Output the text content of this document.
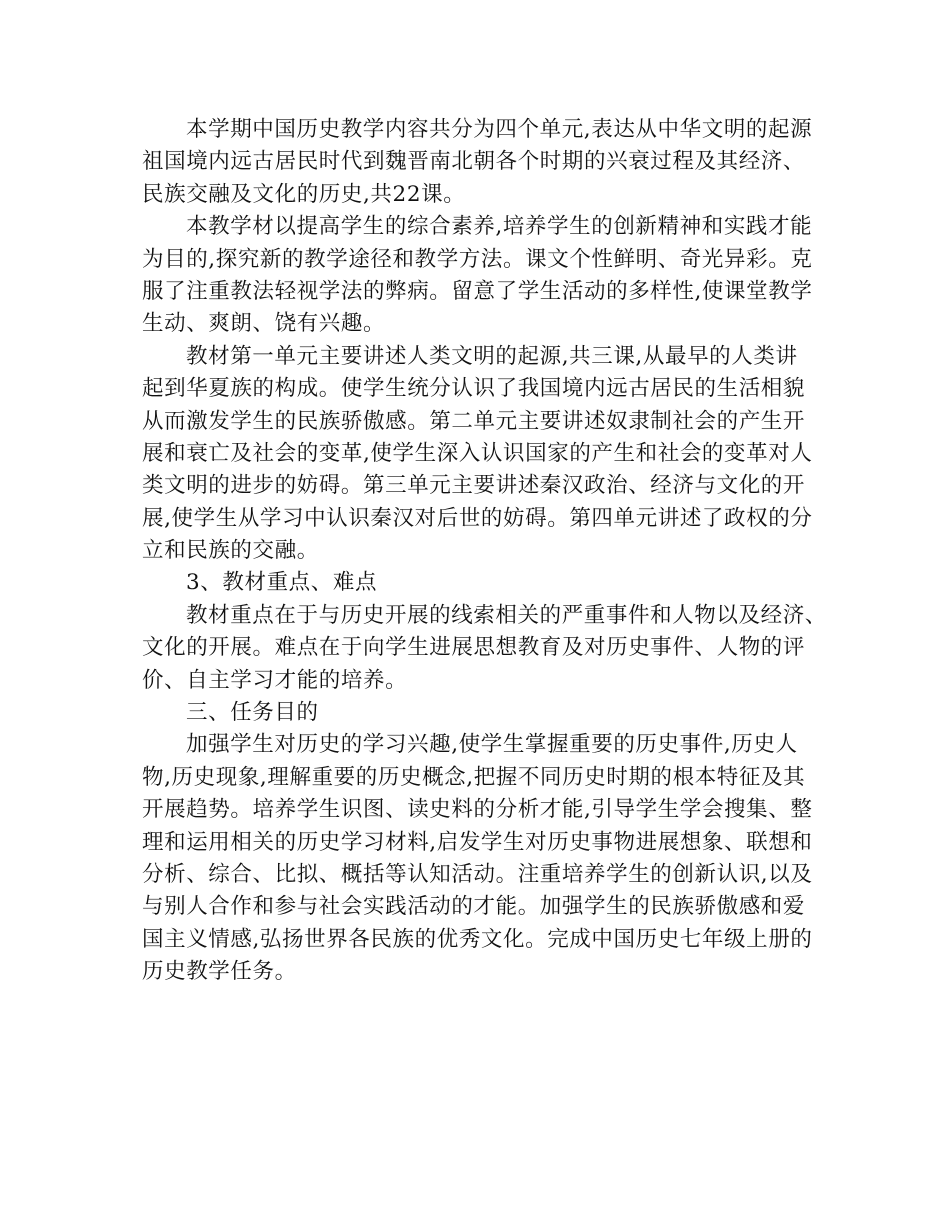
本学期中国历史教学内容共分为四个单元,表达从中华文明的起源
祖国境内远古居民时代到魏晋南北朝各个时期的兴衰过程及其经济、
民族交融及文化的历史,共22课。
本教学材以提高学生的综合素养,培养学生的创新精神和实践才能
为目的,探究新的教学途径和教学方法。课文个性鲜明、奇光异彩。克
服了注重教法轻视学法的弊病。留意了学生活动的多样性,使课堂教学
生动、爽朗、饶有兴趣。
教材第一单元主要讲述人类文明的起源,共三课,从最早的人类讲
起到华夏族的构成。使学生统分认识了我国境内远古居民的生活相貌
从而激发学生的民族骄傲感。第二单元主要讲述奴隶制社会的产生开
展和衰亡及社会的变革,使学生深入认识国家的产生和社会的变革对人
类文明的进步的妨碍。第三单元主要讲述秦汉政治、经济与文化的开
展,使学生从学习中认识秦汉对后世的妨碍。第四单元讲述了政权的分
立和民族的交融。
3、教材重点、难点
教材重点在于与历史开展的线索相关的严重事件和人物以及经济、
文化的开展。难点在于向学生进展思想教育及对历史事件、人物的评
价、自主学习才能的培养。
三、任务目的
加强学生对历史的学习兴趣,使学生掌握重要的历史事件,历史人
物,历史现象,理解重要的历史概念,把握不同历史时期的根本特征及其
开展趋势。培养学生识图、读史料的分析才能,引导学生学会搜集、整
理和运用相关的历史学习材料,启发学生对历史事物进展想象、联想和
分析、综合、比拟、概括等认知活动。注重培养学生的创新认识,以及
与别人合作和参与社会实践活动的才能。加强学生的民族骄傲感和爱
国主义情感,弘扬世界各民族的优秀文化。完成中国历史七年级上册的
历史教学任务。
